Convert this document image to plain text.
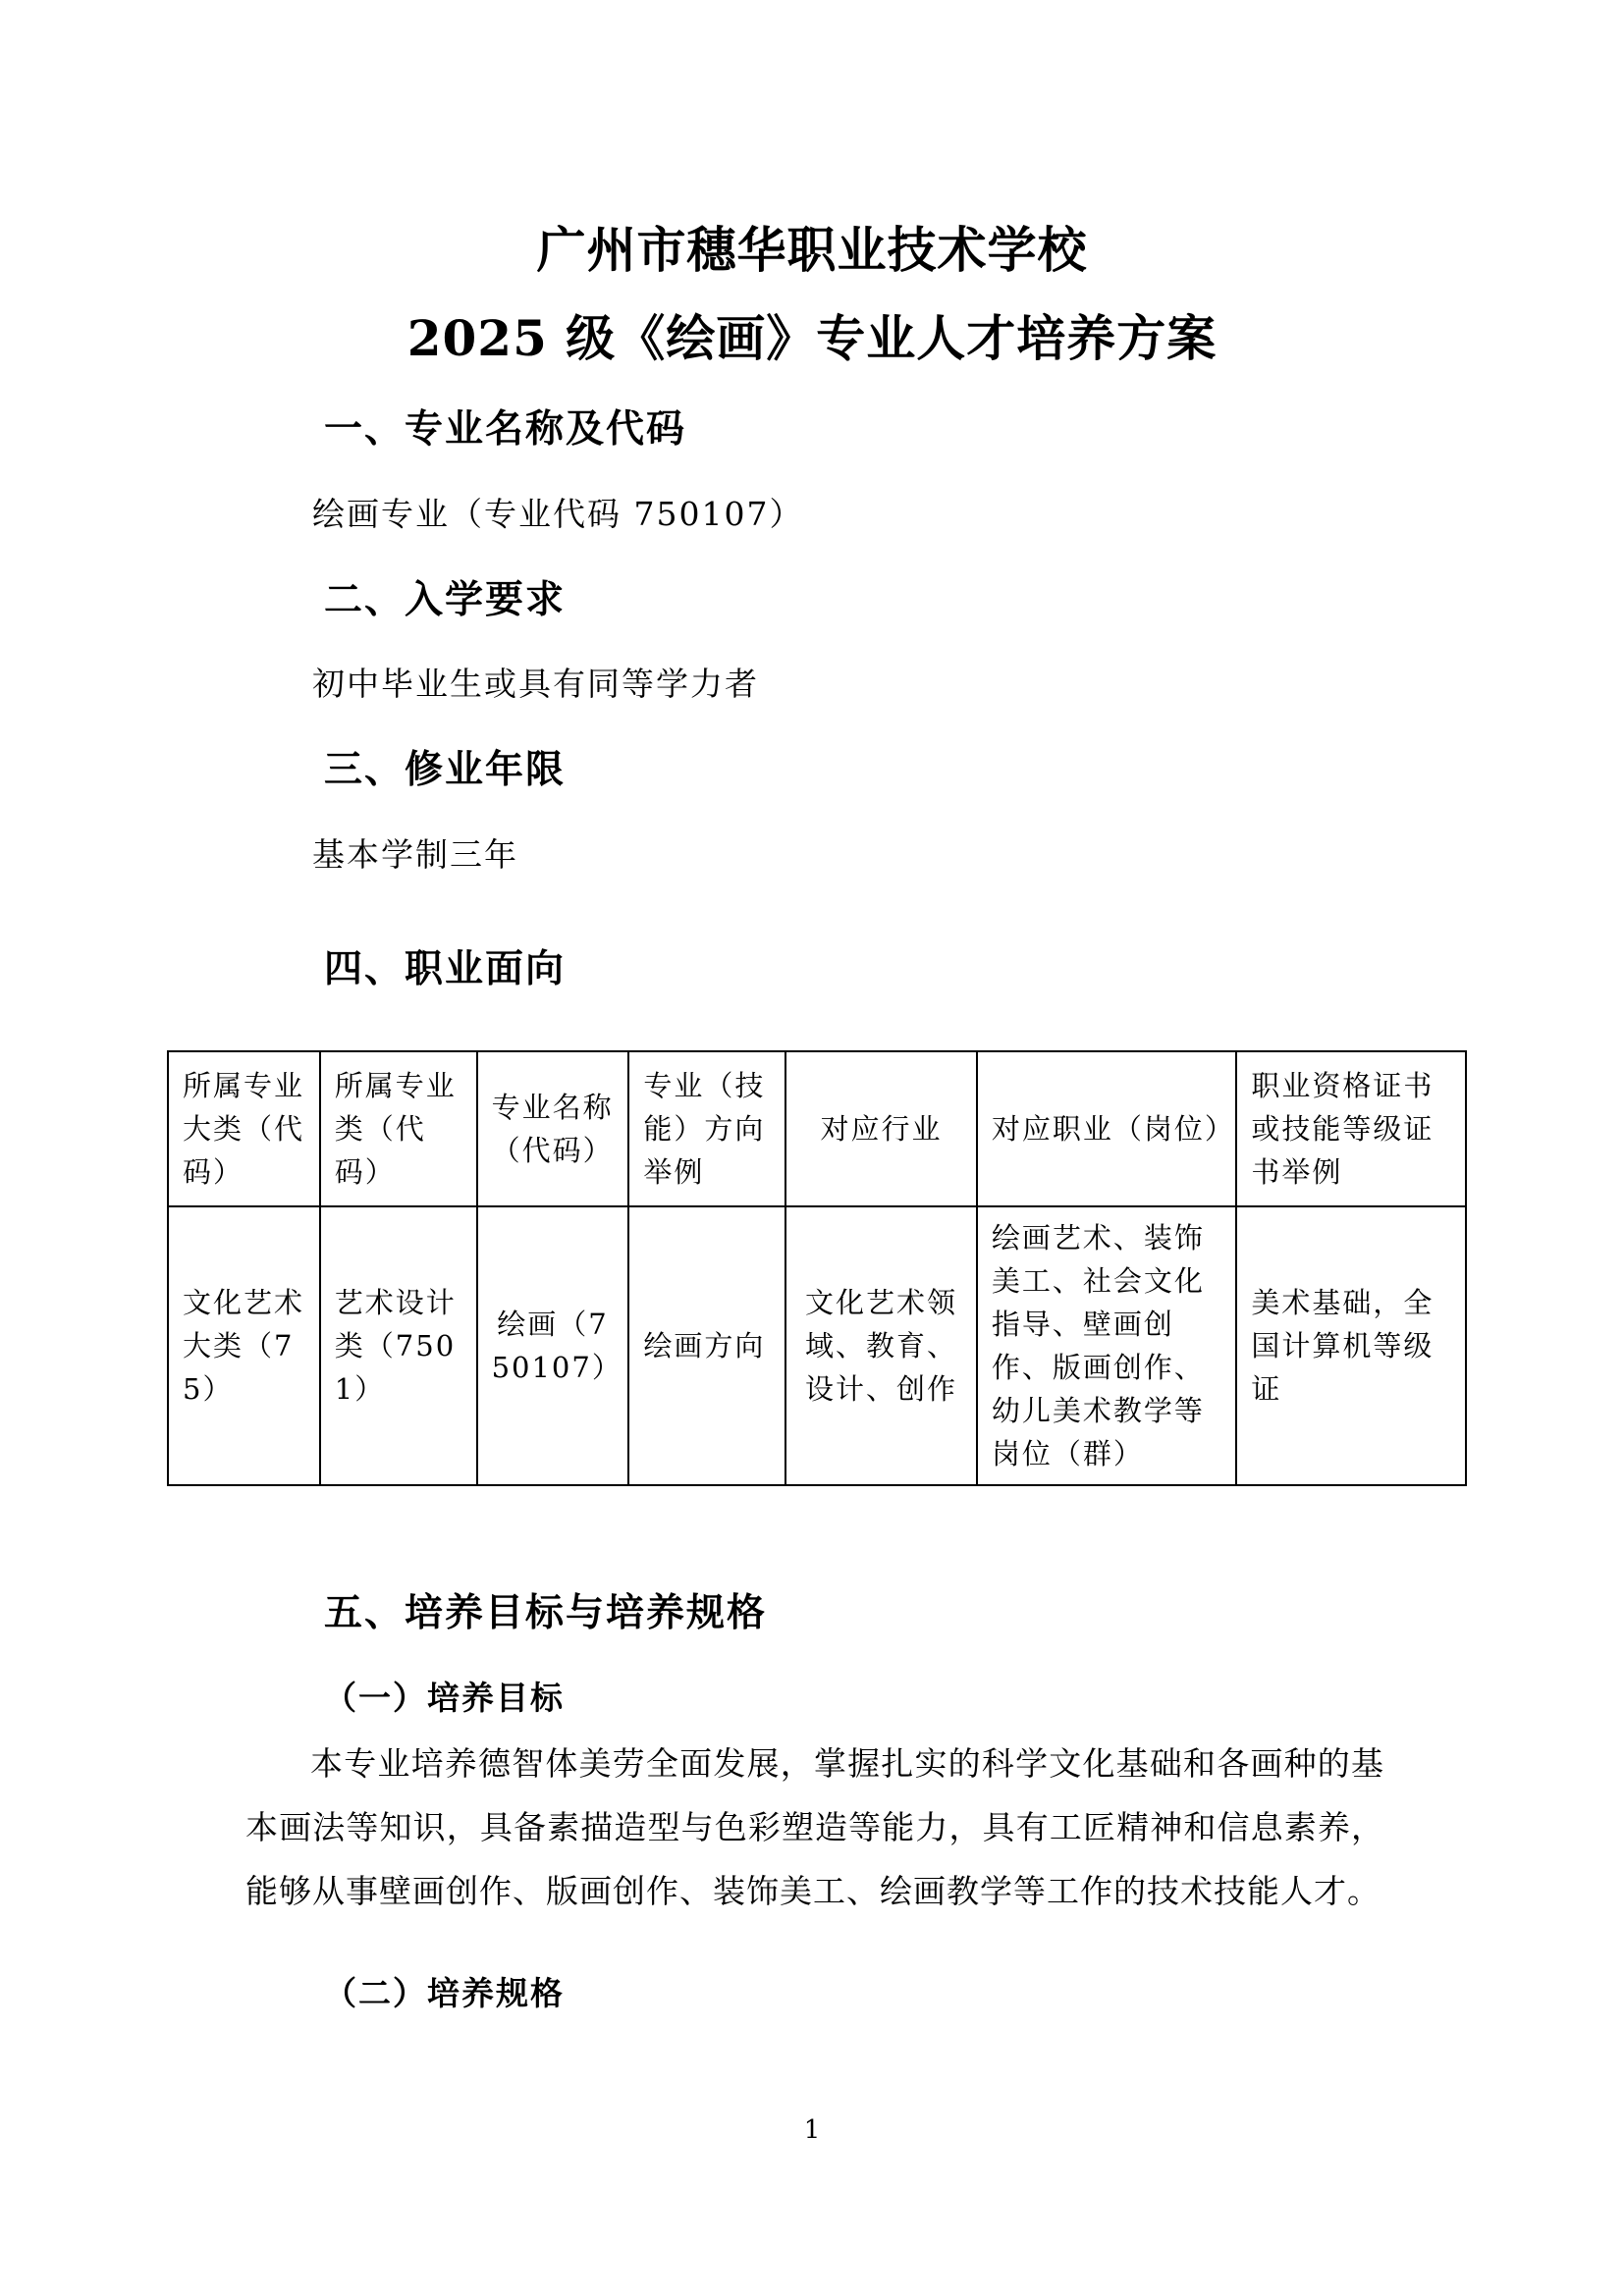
广州市穗华职业技术学校
2025 级《绘画》专业人才培养方案
一、专业名称及代码
绘画专业（专业代码 750107）
二、入学要求
初中毕业生或具有同等学力者
三、修业年限
基本学制三年
四、职业面向
所属专业大类（代码）	所属专业类（代码）	专业名称（代码）	专业（技能）方向举例	对应行业	对应职业（岗位）	职业资格证书或技能等级证书举例
文化艺术大类（75）	艺术设计类（7501）	绘画（750107）	绘画方向	文化艺术领域、教育、设计、创作	绘画艺术、装饰美工、社会文化指导、壁画创作、版画创作、幼儿美术教学等岗位（群）	美术基础，全国计算机等级证
五、培养目标与培养规格
（一）培养目标
本专业培养德智体美劳全面发展，掌握扎实的科学文化基础和各画种的基本画法等知识，具备素描造型与色彩塑造等能力，具有工匠精神和信息素养，能够从事壁画创作、版画创作、装饰美工、绘画教学等工作的技术技能人才。
（二）培养规格
1
